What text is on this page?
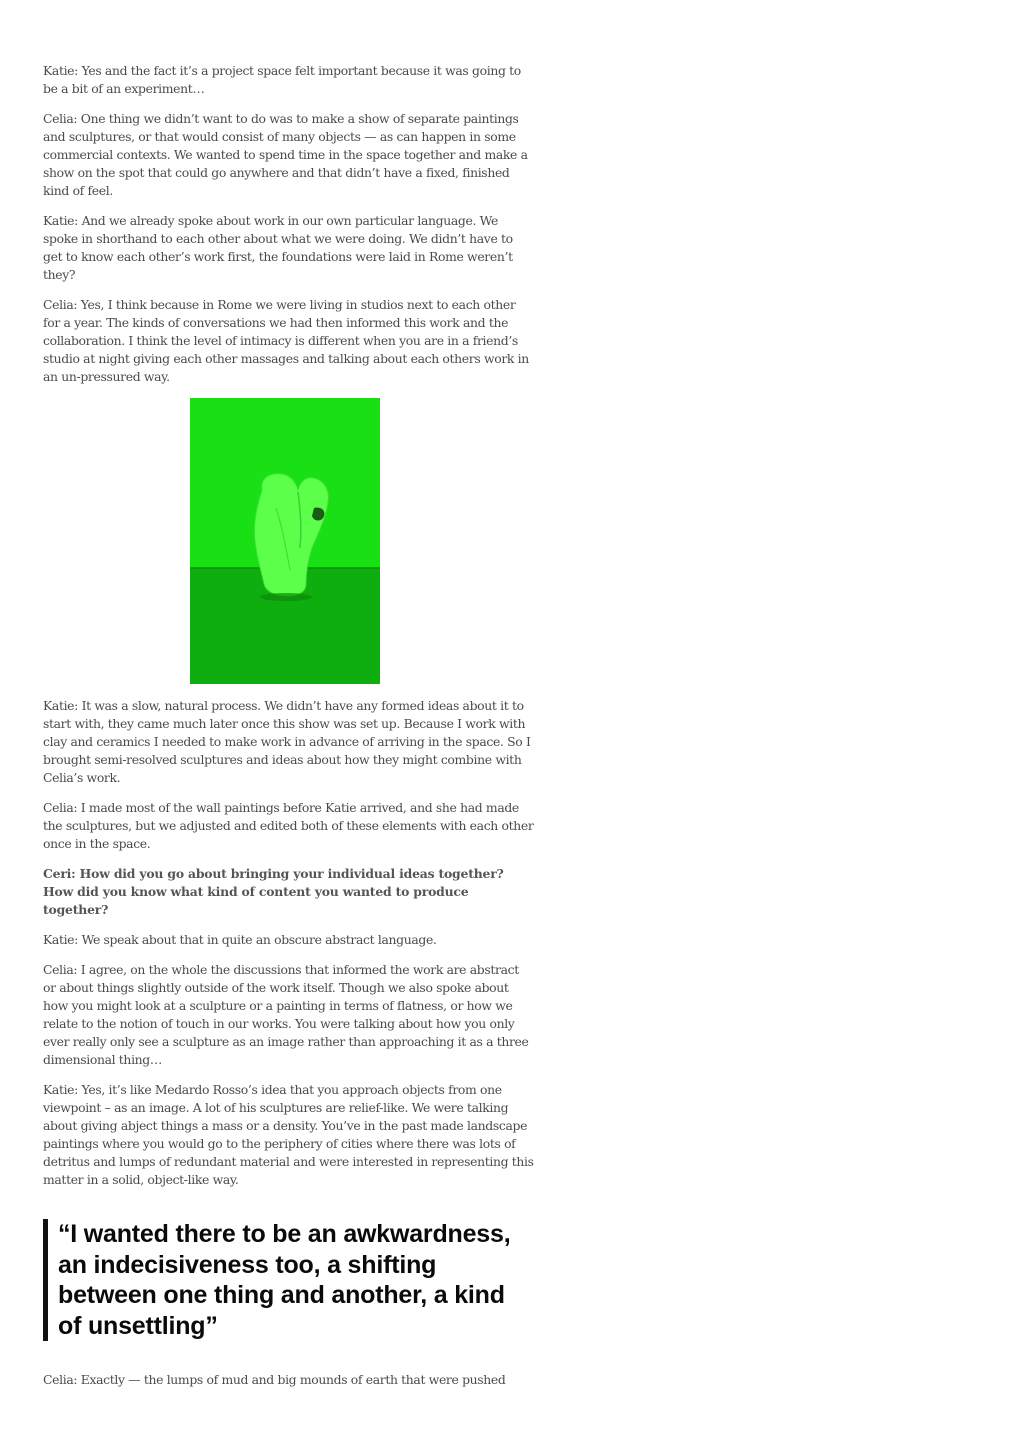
Katie: Yes and the fact it’s a project space felt important because it was going to be a bit of an experiment…

Celia: One thing we didn’t want to do was to make a show of separate paintings and sculptures, or that would consist of many objects — as can happen in some commercial contexts. We wanted to spend time in the space together and make a show on the spot that could go anywhere and that didn’t have a fixed, finished kind of feel.

Katie: And we already spoke about work in our own particular language. We spoke in shorthand to each other about what we were doing. We didn’t have to get to know each other’s work first, the foundations were laid in Rome weren’t they?

Celia: Yes, I think because in Rome we were living in studios next to each other for a year. The kinds of conversations we had then informed this work and the collaboration. I think the level of intimacy is different when you are in a friend’s studio at night giving each other massages and talking about each others work in an un-pressured way.

Katie: It was a slow, natural process. We didn’t have any formed ideas about it to start with, they came much later once this show was set up. Because I work with clay and ceramics I needed to make work in advance of arriving in the space. So I brought semi-resolved sculptures and ideas about how they might combine with Celia’s work.

Celia: I made most of the wall paintings before Katie arrived, and she had made the sculptures, but we adjusted and edited both of these elements with each other once in the space.

Ceri: How did you go about bringing your individual ideas together? How did you know what kind of content you wanted to produce together?

Katie: We speak about that in quite an obscure abstract language.

Celia: I agree, on the whole the discussions that informed the work are abstract or about things slightly outside of the work itself. Though we also spoke about how you might look at a sculpture or a painting in terms of flatness, or how we relate to the notion of touch in our works. You were talking about how you only ever really only see a sculpture as an image rather than approaching it as a three dimensional thing…

Katie: Yes, it’s like Medardo Rosso’s idea that you approach objects from one viewpoint – as an image. A lot of his sculptures are relief-like. We were talking about giving abject things a mass or a density. You’ve in the past made landscape paintings where you would go to the periphery of cities where there was lots of detritus and lumps of redundant material and were interested in representing this matter in a solid, object-like way.

“I wanted there to be an awkwardness, an indecisiveness too, a shifting between one thing and another, a kind of unsettling”

Celia: Exactly — the lumps of mud and big mounds of earth that were pushed
